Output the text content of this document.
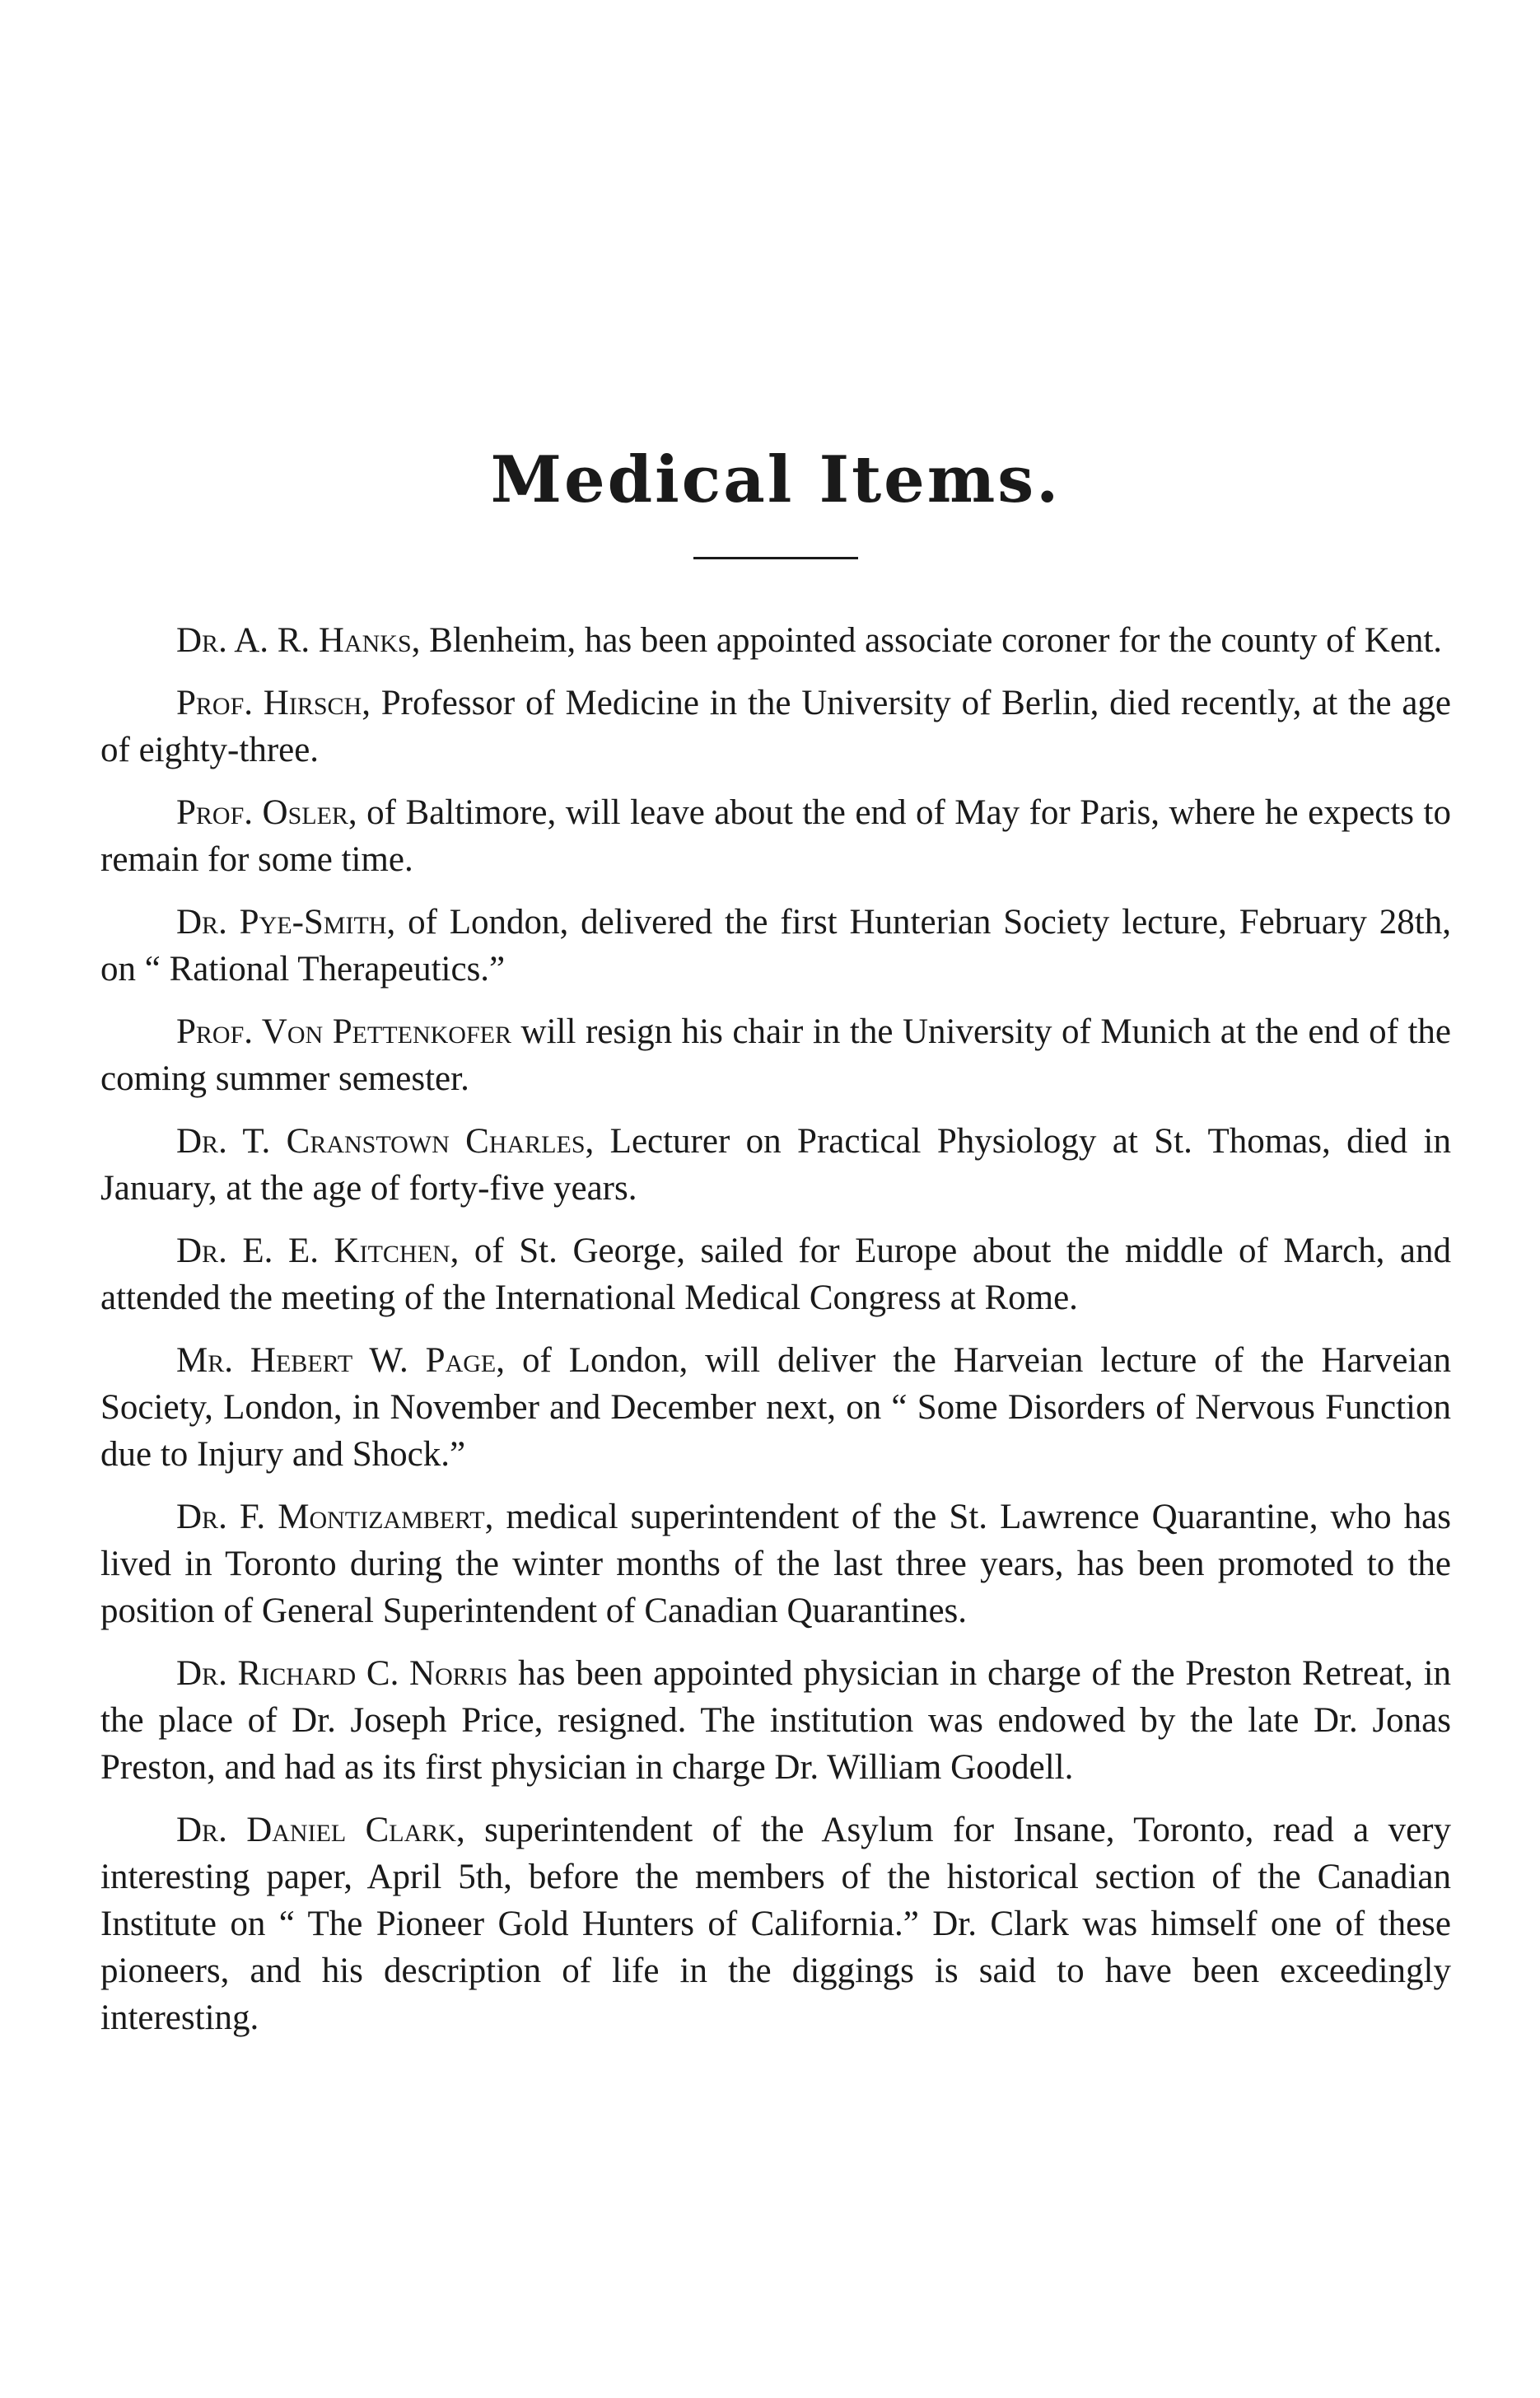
Medical Items.

Dr. A. R. Hanks, Blenheim, has been appointed associate coroner for the county of Kent.

Prof. Hirsch, Professor of Medicine in the University of Berlin, died recently, at the age of eighty-three.

Prof. Osler, of Baltimore, will leave about the end of May for Paris, where he expects to remain for some time.

Dr. Pye-Smith, of London, delivered the first Hunterian Society lecture, February 28th, on “ Rational Therapeutics.”

Prof. Von Pettenkofer will resign his chair in the University of Munich at the end of the coming summer semester.

Dr. T. Cranstown Charles, Lecturer on Practical Physiology at St. Thomas, died in January, at the age of forty-five years.

Dr. E. E. Kitchen, of St. George, sailed for Europe about the middle of March, and attended the meeting of the International Medical Congress at Rome.

Mr. Hebert W. Page, of London, will deliver the Harveian lecture of the Harveian Society, London, in November and December next, on “ Some Disorders of Nervous Function due to Injury and Shock.”

Dr. F. Montizambert, medical superintendent of the St. Lawrence Quarantine, who has lived in Toronto during the winter months of the last three years, has been promoted to the position of General Superintendent of Canadian Quarantines.

Dr. Richard C. Norris has been appointed physician in charge of the Preston Retreat, in the place of Dr. Joseph Price, resigned. The institution was endowed by the late Dr. Jonas Preston, and had as its first physician in charge Dr. William Goodell.

Dr. Daniel Clark, superintendent of the Asylum for Insane, Toronto, read a very interesting paper, April 5th, before the members of the historical section of the Canadian Institute on “ The Pioneer Gold Hunters of California.” Dr. Clark was himself one of these pioneers, and his description of life in the diggings is said to have been exceedingly interesting.
